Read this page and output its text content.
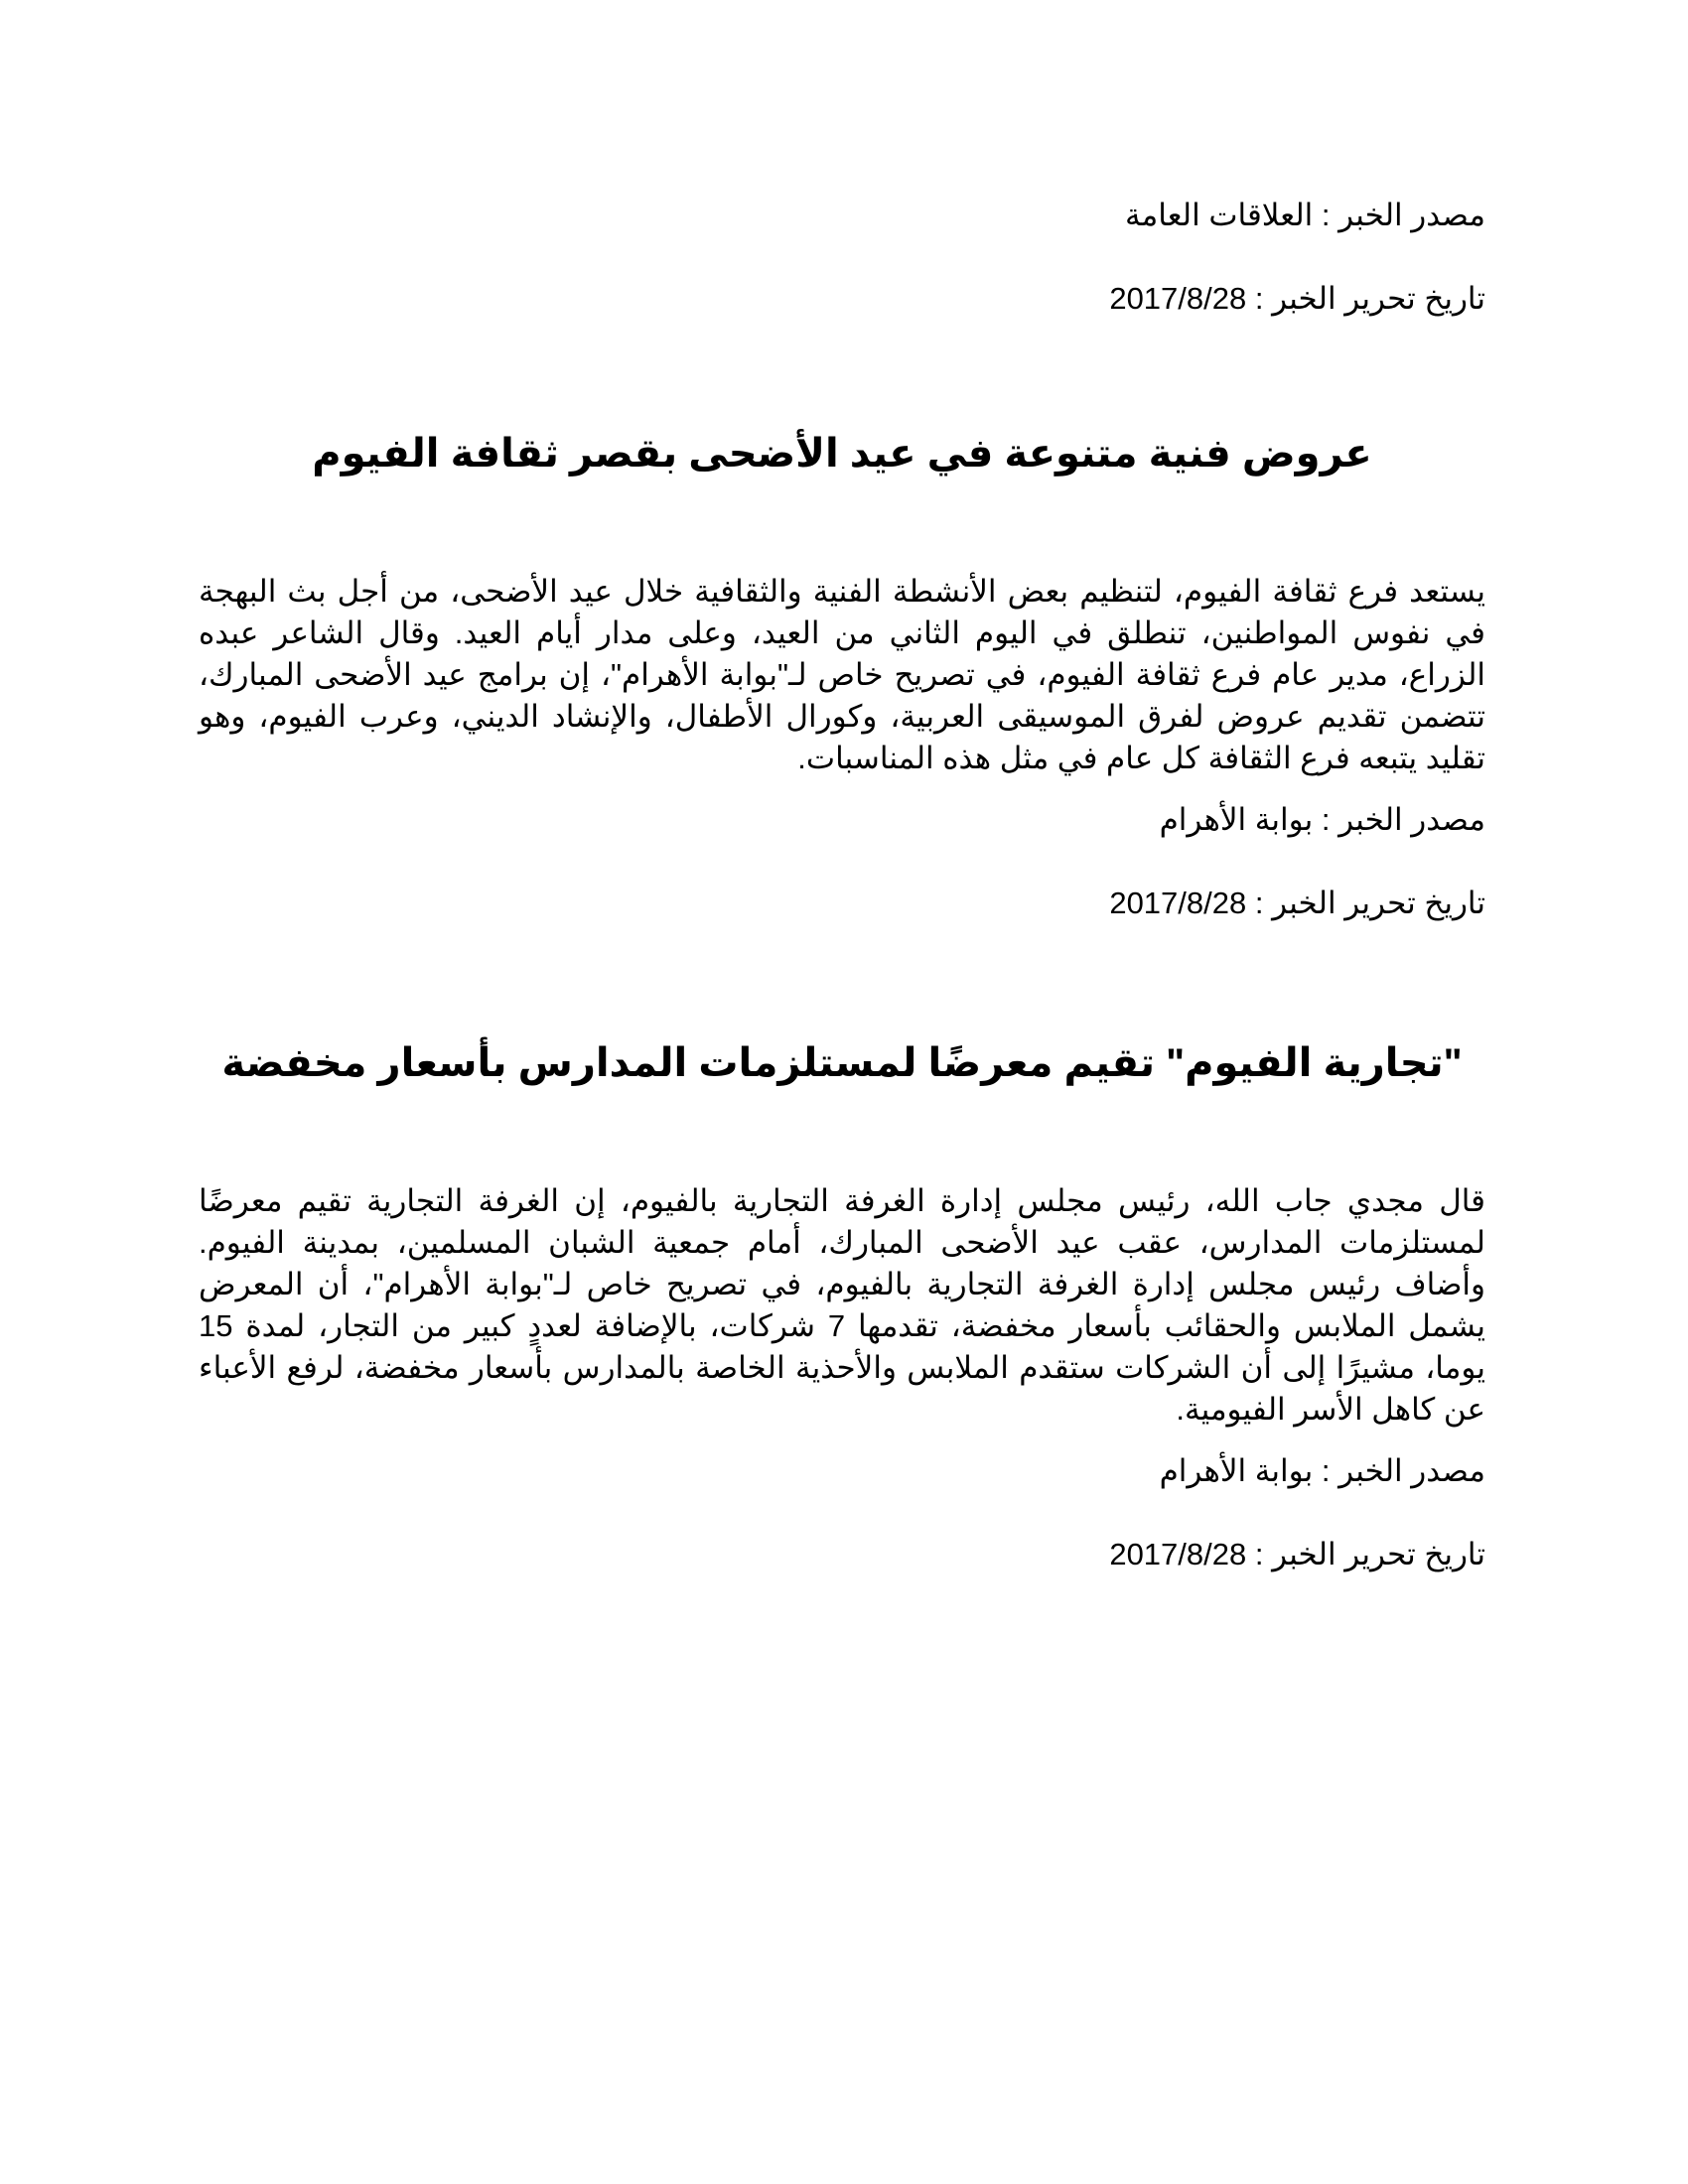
مصدر الخبر : العلاقات العامة

تاريخ تحرير الخبر : 2017/8/28

عروض فنية متنوعة في عيد الأضحى بقصر ثقافة الفيوم

يستعد فرع ثقافة الفيوم، لتنظيم بعض الأنشطة الفنية والثقافية خلال عيد الأضحى، من أجل بث البهجة في نفوس المواطنين، تنطلق في اليوم الثاني من العيد، وعلى مدار أيام العيد. وقال الشاعر عبده الزراع، مدير عام فرع ثقافة الفيوم، في تصريح خاص لـ"بوابة الأهرام"، إن برامج عيد الأضحى المبارك، تتضمن تقديم عروض لفرق الموسيقى العربية، وكورال الأطفال، والإنشاد الديني، وعرب الفيوم، وهو تقليد يتبعه فرع الثقافة كل عام في مثل هذه المناسبات.

مصدر الخبر : بوابة الأهرام

تاريخ تحرير الخبر : 2017/8/28

"تجارية الفيوم" تقيم معرضًا لمستلزمات المدارس بأسعار مخفضة

قال مجدي جاب الله، رئيس مجلس إدارة الغرفة التجارية بالفيوم، إن الغرفة التجارية تقيم معرضًا لمستلزمات المدارس، عقب عيد الأضحى المبارك، أمام جمعية الشبان المسلمين، بمدينة الفيوم. وأضاف رئيس مجلس إدارة الغرفة التجارية بالفيوم، في تصريح خاص لـ"بوابة الأهرام"، أن المعرض يشمل الملابس والحقائب بأسعار مخفضة، تقدمها 7 شركات، بالإضافة لعددٍ كبير من التجار، لمدة 15 يوما، مشيرًا إلى أن الشركات ستقدم الملابس والأحذية الخاصة بالمدارس بأسعار مخفضة، لرفع الأعباء عن كاهل الأسر الفيومية.

مصدر الخبر : بوابة الأهرام

تاريخ تحرير الخبر : 2017/8/28
